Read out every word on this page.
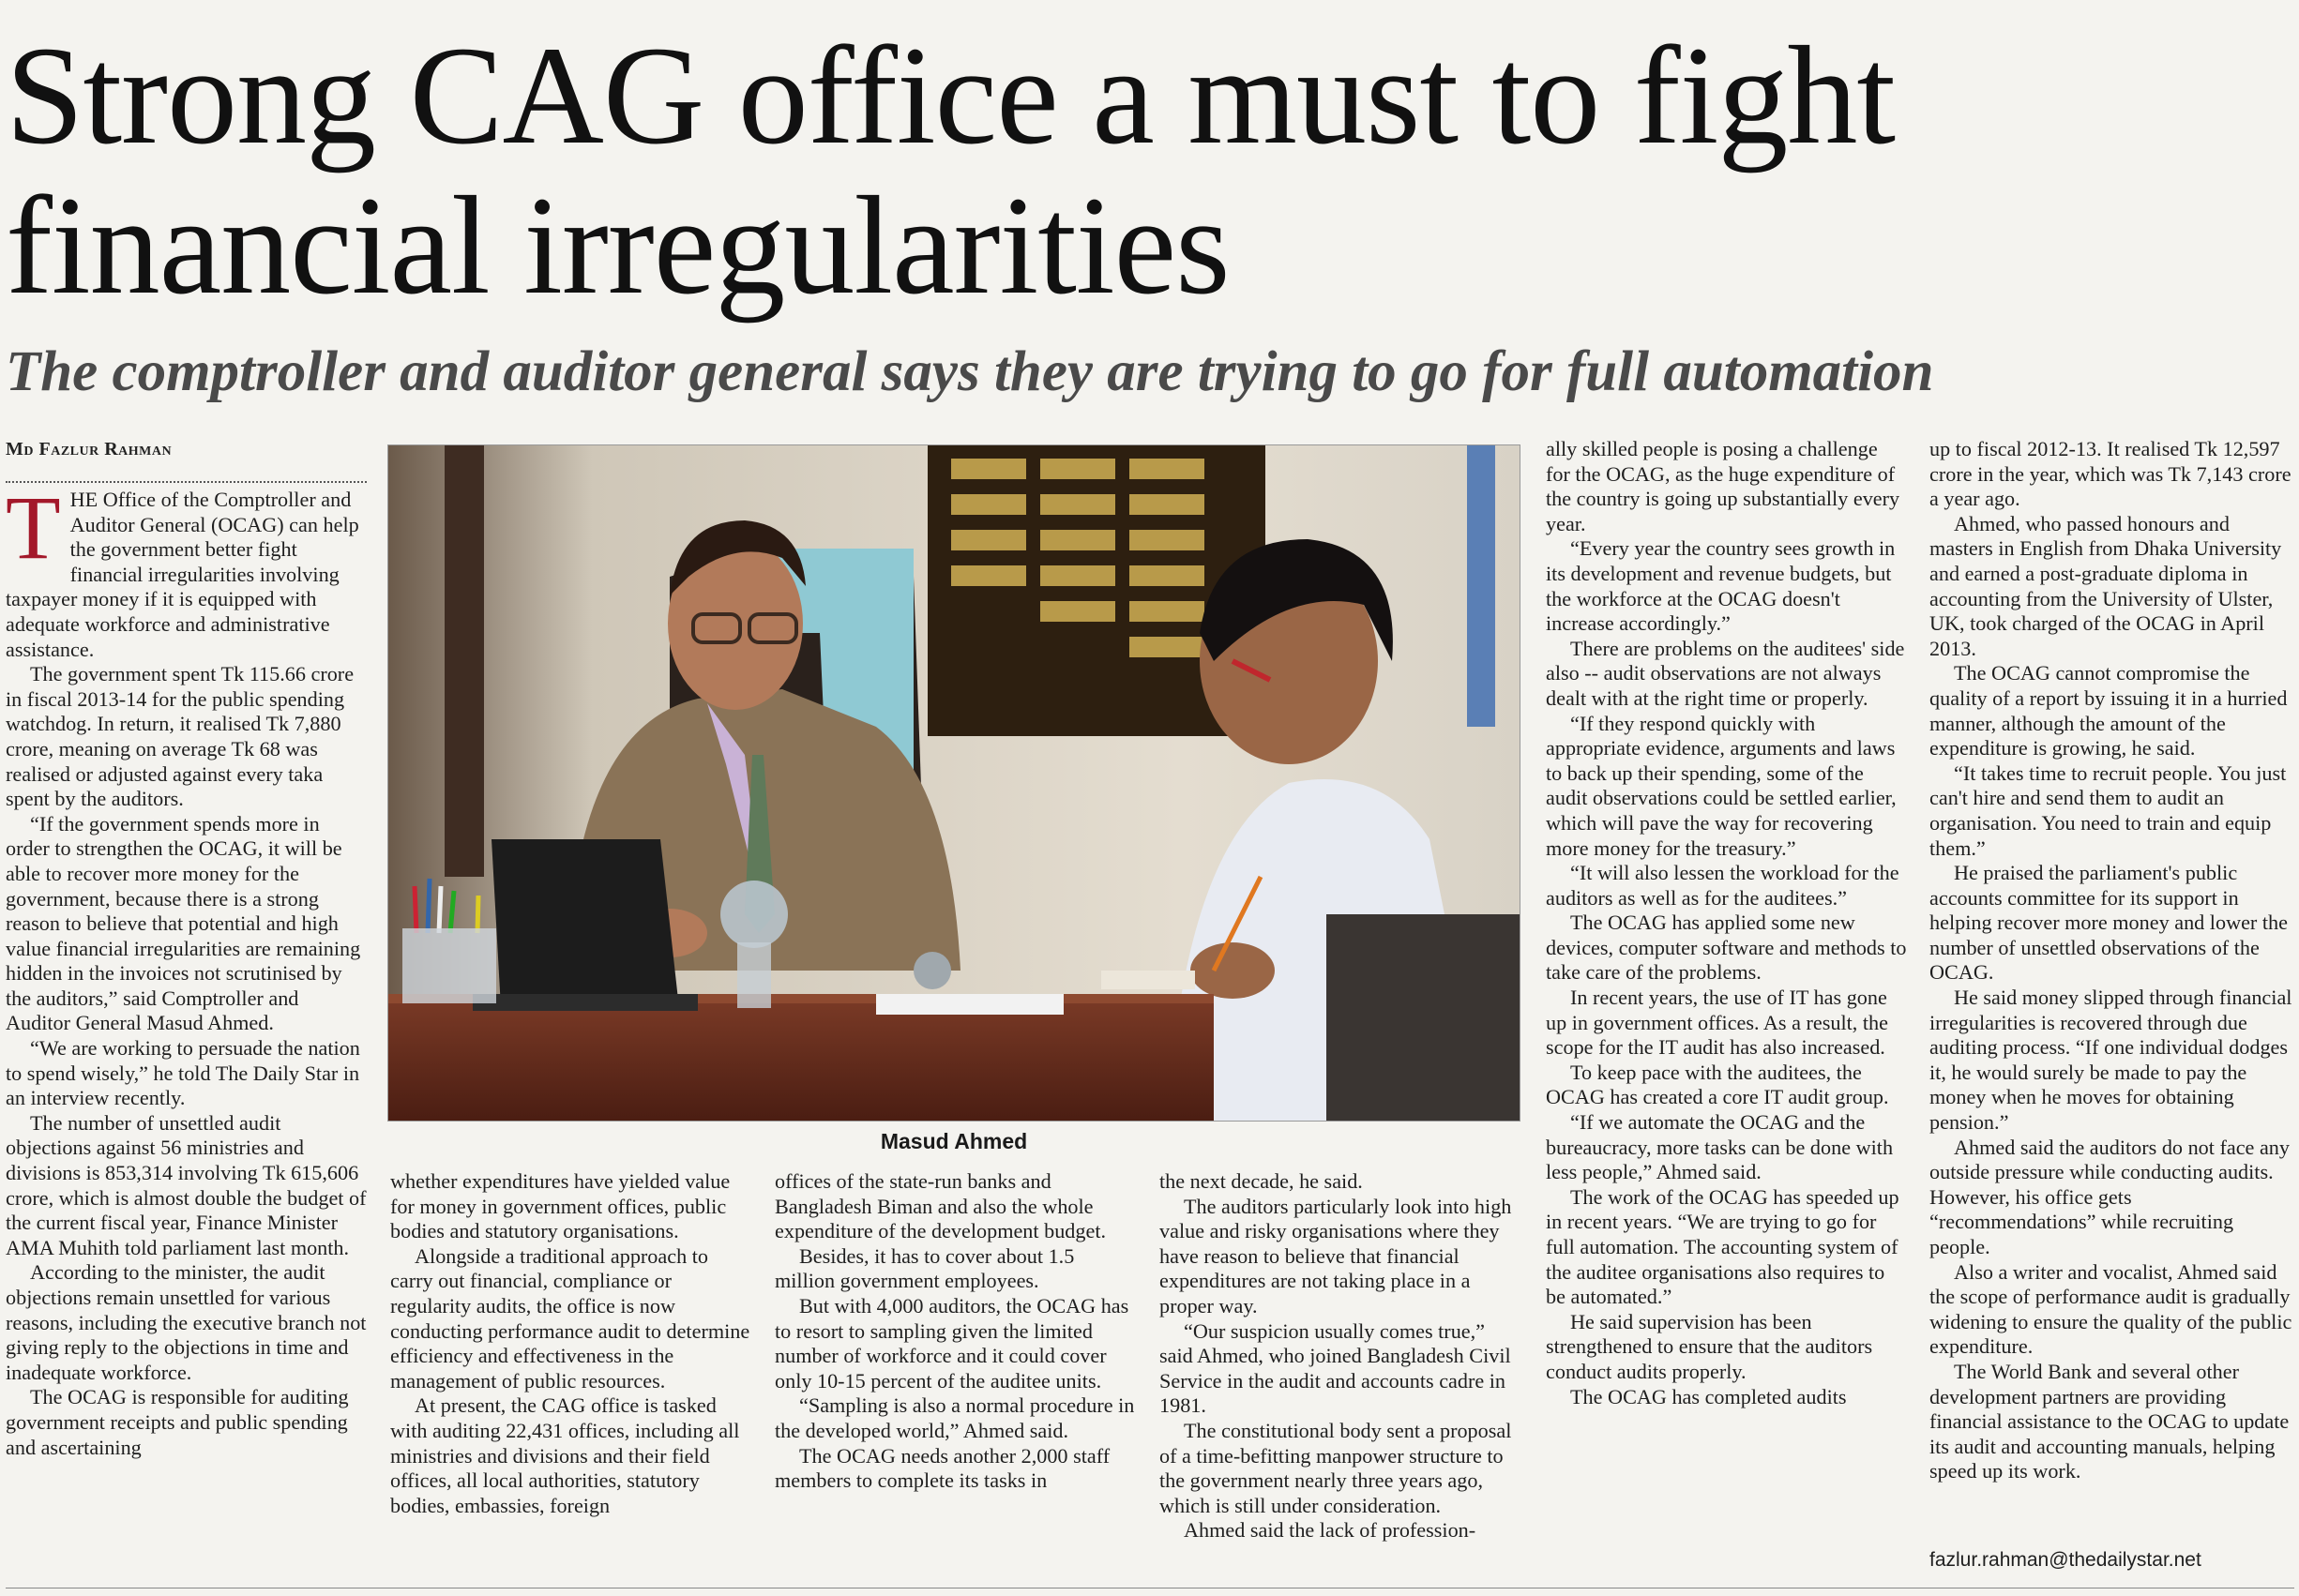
Strong CAG office a must to fight
financial irregularities
The comptroller and auditor general says they are trying to go for full automation
Md Fazlur Rahman

THE Office of the Comptroller and Auditor General (OCAG) can help the government better fight financial irregularities involving taxpayer money if it is equipped with adequate workforce and administrative assistance.

The government spent Tk 115.66 crore in fiscal 2013-14 for the public spending watchdog. In return, it realised Tk 7,880 crore, meaning on average Tk 68 was realised or adjusted against every taka spent by the auditors.

“If the government spends more in order to strengthen the OCAG, it will be able to recover more money for the government, because there is a strong reason to believe that potential and high value financial irregularities are remaining hidden in the invoices not scrutinised by the auditors,” said Comptroller and Auditor General Masud Ahmed.

“We are working to persuade the nation to spend wisely,” he told The Daily Star in an interview recently.

The number of unsettled audit objections against 56 ministries and divisions is 853,314 involving Tk 615,606 crore, which is almost double the budget of the current fiscal year, Finance Minister AMA Muhith told parliament last month.

According to the minister, the audit objections remain unsettled for various reasons, including the executive branch not giving reply to the objections in time and inadequate workforce.

The OCAG is responsible for auditing government receipts and public spending and ascertaining

Masud Ahmed

whether expenditures have yielded value for money in government offices, public bodies and statutory organisations.

Alongside a traditional approach to carry out financial, compliance or regularity audits, the office is now conducting performance audit to determine efficiency and effectiveness in the management of public resources.

At present, the CAG office is tasked with auditing 22,431 offices, including all ministries and divisions and their field offices, all local authorities, statutory bodies, embassies, foreign

offices of the state-run banks and Bangladesh Biman and also the whole expenditure of the development budget.

Besides, it has to cover about 1.5 million government employees.

But with 4,000 auditors, the OCAG has to resort to sampling given the limited number of workforce and it could cover only 10-15 percent of the auditee units.

“Sampling is also a normal procedure in the developed world,” Ahmed said.

The OCAG needs another 2,000 staff members to complete its tasks in

the next decade, he said.

The auditors particularly look into high value and risky organisations where they have reason to believe that financial expenditures are not taking place in a proper way.

“Our suspicion usually comes true,” said Ahmed, who joined Bangladesh Civil Service in the audit and accounts cadre in 1981.

The constitutional body sent a proposal of a time-befitting manpower structure to the government nearly three years ago, which is still under consideration.

Ahmed said the lack of profession-

ally skilled people is posing a challenge for the OCAG, as the huge expenditure of the country is going up substantially every year.

“Every year the country sees growth in its development and revenue budgets, but the workforce at the OCAG doesn't increase accordingly.”

There are problems on the auditees' side also -- audit observations are not always dealt with at the right time or properly.

“If they respond quickly with appropriate evidence, arguments and laws to back up their spending, some of the audit observations could be settled earlier, which will pave the way for recovering more money for the treasury.”

“It will also lessen the workload for the auditors as well as for the auditees.”

The OCAG has applied some new devices, computer software and methods to take care of the problems.

In recent years, the use of IT has gone up in government offices. As a result, the scope for the IT audit has also increased.

To keep pace with the auditees, the OCAG has created a core IT audit group.

“If we automate the OCAG and the bureaucracy, more tasks can be done with less people,” Ahmed said.

The work of the OCAG has speeded up in recent years. “We are trying to go for full automation. The accounting system of the auditee organisations also requires to be automated.”

He said supervision has been strengthened to ensure that the auditors conduct audits properly.

The OCAG has completed audits

up to fiscal 2012-13. It realised Tk 12,597 crore in the year, which was Tk 7,143 crore a year ago.

Ahmed, who passed honours and masters in English from Dhaka University and earned a post-graduate diploma in accounting from the University of Ulster, UK, took charged of the OCAG in April 2013.

The OCAG cannot compromise the quality of a report by issuing it in a hurried manner, although the amount of the expenditure is growing, he said.

“It takes time to recruit people. You just can't hire and send them to audit an organisation. You need to train and equip them.”

He praised the parliament's public accounts committee for its support in helping recover more money and lower the number of unsettled observations of the OCAG.

He said money slipped through financial irregularities is recovered through due auditing process. “If one individual dodges it, he would surely be made to pay the money when he moves for obtaining pension.”

Ahmed said the auditors do not face any outside pressure while conducting audits. However, his office gets “recommendations” while recruiting people.

Also a writer and vocalist, Ahmed said the scope of performance audit is gradually widening to ensure the quality of the public expenditure.

The World Bank and several other development partners are providing financial assistance to the OCAG to update its audit and accounting manuals, helping speed up its work.

fazlur.rahman@thedailystar.net
